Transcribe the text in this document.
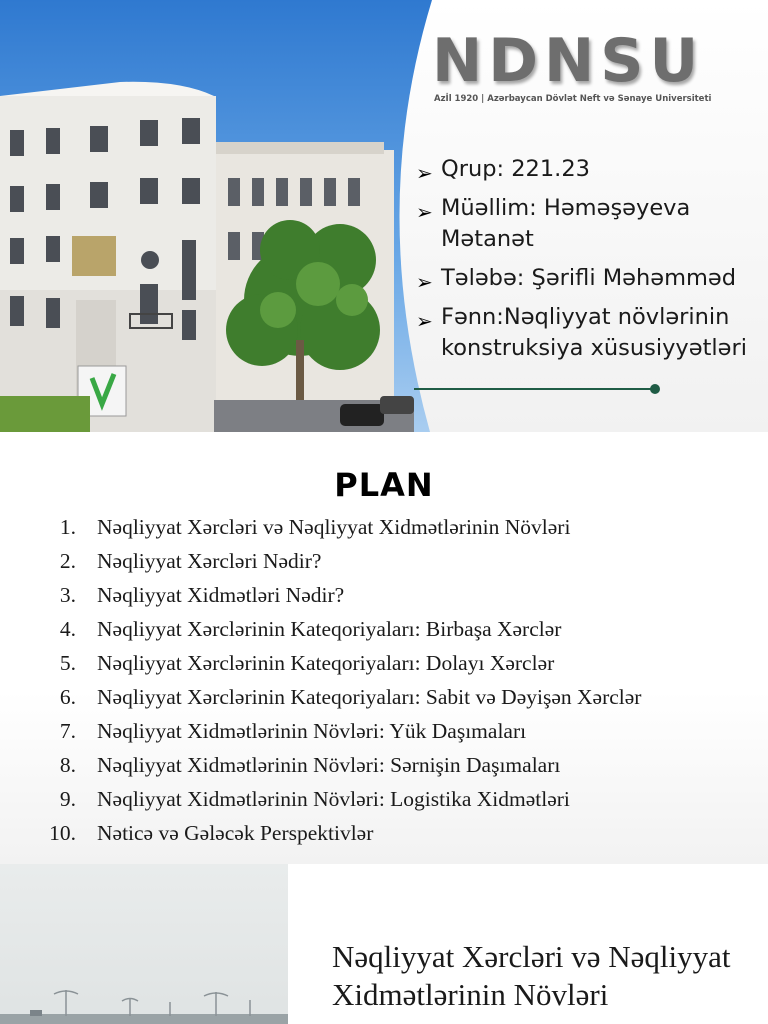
NDNSU
Azİl 1920 | Azərbaycan Dövlət Neft və Sənaye Universiteti
➢ Qrup: 221.23
➢ Müəllim: Həməşəyeva Mətanət
➢ Tələbə: Şərifli Məhəmməd
➢ Fənn:Nəqliyyat növlərinin konstruksiya xüsusiyyətləri
PLAN
1. Nəqliyyat Xərcləri və Nəqliyyat Xidmətlərinin Növləri
2. Nəqliyyat Xərcləri Nədir?
3. Nəqliyyat Xidmətləri Nədir?
4. Nəqliyyat Xərclərinin Kateqoriyaları: Birbaşa Xərclər
5. Nəqliyyat Xərclərinin Kateqoriyaları: Dolayı Xərclər
6. Nəqliyyat Xərclərinin Kateqoriyaları: Sabit və Dəyişən Xərclər
7. Nəqliyyat Xidmətlərinin Növləri: Yük Daşımaları
8. Nəqliyyat Xidmətlərinin Növləri: Sərnişin Daşımaları
9. Nəqliyyat Xidmətlərinin Növləri: Logistika Xidmətləri
10. Nəticə və Gələcək Perspektivlər
Nəqliyyat Xərcləri və Nəqliyyat Xidmətlərinin Növləri
